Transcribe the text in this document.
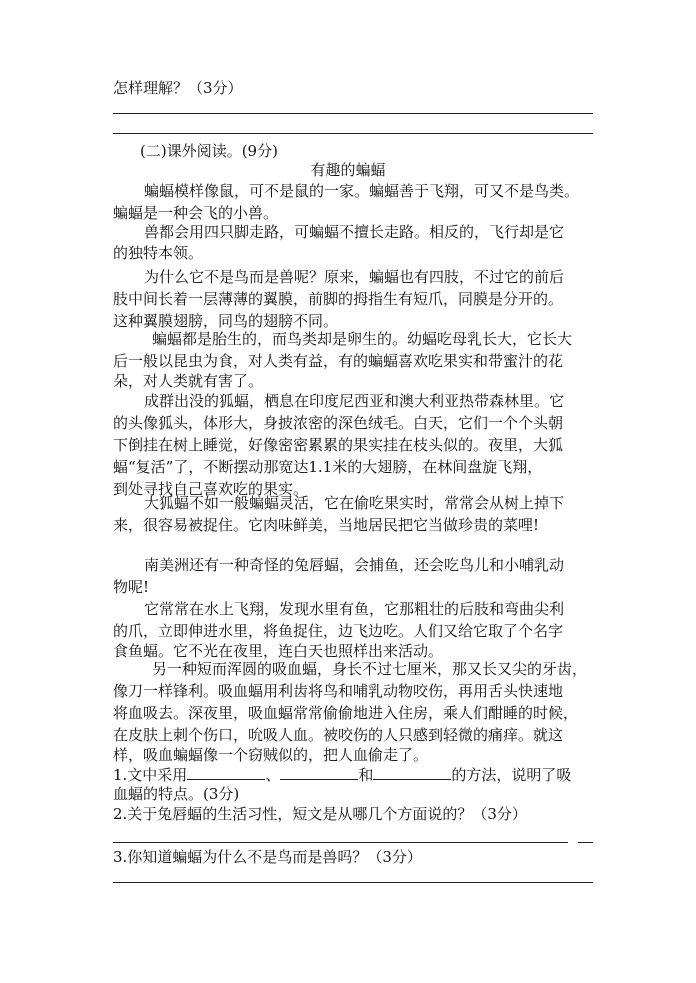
怎样理解？（3分）
(二)课外阅读。(9分)
有趣的蝙蝠
蝙蝠模样像鼠，可不是鼠的一家。蝙蝠善于飞翔，可又不是鸟类。
蝙蝠是一种会飞的小兽。
兽都会用四只脚走路，可蝙蝠不擅长走路。相反的，飞行却是它
的独特本领。
为什么它不是鸟而是兽呢？原来，蝙蝠也有四肢，不过它的前后
肢中间长着一层薄薄的翼膜，前脚的拇指生有短爪，同膜是分开的。
这种翼膜翅膀，同鸟的翅膀不同。
蝙蝠都是胎生的，而鸟类却是卵生的。幼蝠吃母乳长大，它长大
后一般以昆虫为食，对人类有益，有的蝙蝠喜欢吃果实和带蜜汁的花
朵，对人类就有害了。
成群出没的狐蝠，栖息在印度尼西亚和澳大利亚热带森林里。它
的头像狐头，体形大，身披浓密的深色绒毛。白天，它们一个个头朝
下倒挂在树上睡觉，好像密密累累的果实挂在枝头似的。夜里，大狐
蝠“复活”了，不断摆动那宽达1.1米的大翅膀，在林间盘旋飞翔，
到处寻找自己喜欢吃的果实。
大狐蝠不如一般蝙蝠灵活，它在偷吃果实时，常常会从树上掉下
来，很容易被捉住。它肉味鲜美，当地居民把它当做珍贵的菜哩!
南美洲还有一种奇怪的兔唇蝠，会捕鱼，还会吃鸟儿和小哺乳动
物呢!
它常常在水上飞翔，发现水里有鱼，它那粗壮的后肢和弯曲尖利
的爪，立即伸进水里，将鱼捉住，边飞边吃。人们又给它取了个名字
食鱼蝠。它不光在夜里，连白天也照样出来活动。
另一种短而浑圆的吸血蝠，身长不过七厘米，那又长又尖的牙齿，
像刀一样锋利。吸血蝠用利齿将鸟和哺乳动物咬伤，再用舌头快速地
将血吸去。深夜里，吸血蝠常常偷偷地进入住房，乘人们酣睡的时候，
在皮肤上刺个伤口，吮吸人血。被咬伤的人只感到轻微的痛痒。就这
样，吸血蝙蝠像一个窃贼似的，把人血偷走了。
1.文中采用	、	和	的方法，说明了吸
血蝠的特点。(3分)
2.关于兔唇蝠的生活习性，短文是从哪几个方面说的？（3分）
3.你知道蝙蝠为什么不是鸟而是兽吗？（3分）
